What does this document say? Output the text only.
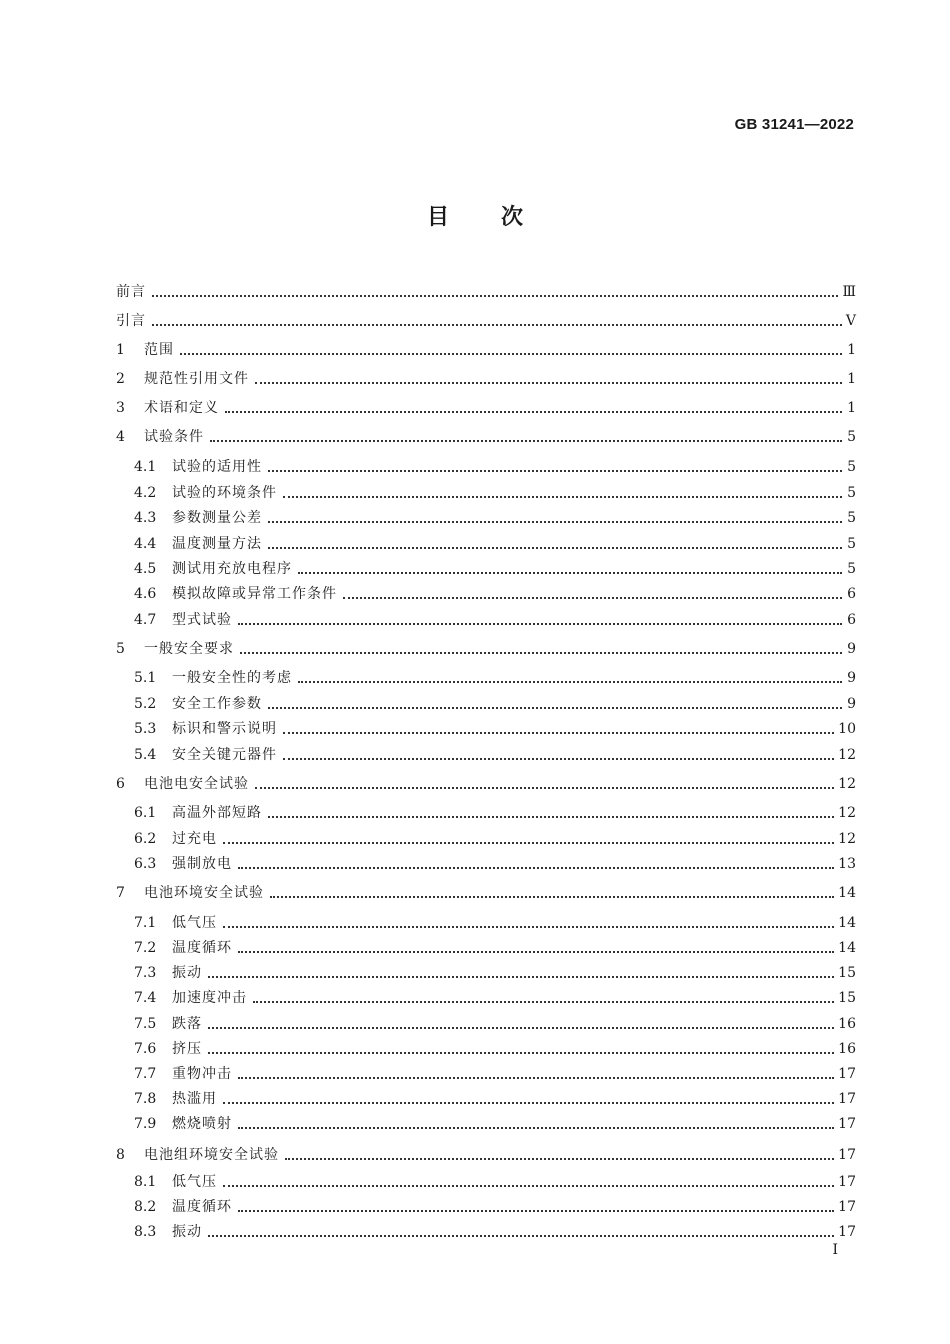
GB 31241—2022
目 次
前言	Ⅲ
引言	Ⅴ
1	范围	1
2	规范性引用文件	1
3	术语和定义	1
4	试验条件	5
4.1	试验的适用性	5
4.2	试验的环境条件	5
4.3	参数测量公差	5
4.4	温度测量方法	5
4.5	测试用充放电程序	5
4.6	模拟故障或异常工作条件	6
4.7	型式试验	6
5	一般安全要求	9
5.1	一般安全性的考虑	9
5.2	安全工作参数	9
5.3	标识和警示说明	10
5.4	安全关键元器件	12
6	电池电安全试验	12
6.1	高温外部短路	12
6.2	过充电	12
6.3	强制放电	13
7	电池环境安全试验	14
7.1	低气压	14
7.2	温度循环	14
7.3	振动	15
7.4	加速度冲击	15
7.5	跌落	16
7.6	挤压	16
7.7	重物冲击	17
7.8	热滥用	17
7.9	燃烧喷射	17
8	电池组环境安全试验	17
8.1	低气压	17
8.2	温度循环	17
8.3	振动	17
I
